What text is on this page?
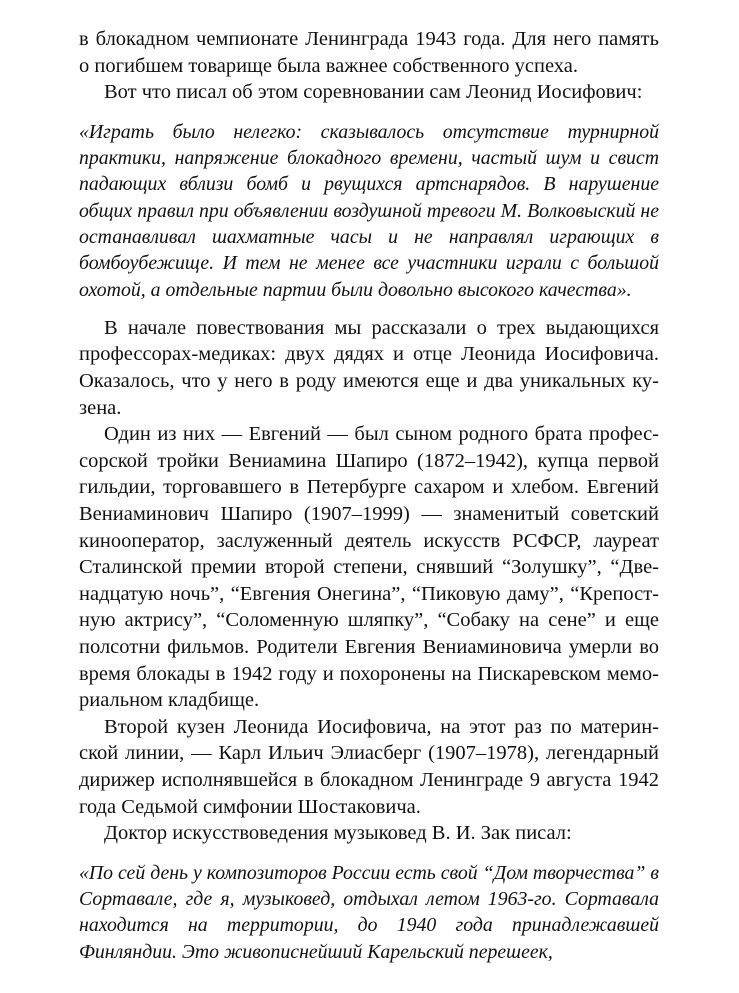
в блокадном чемпионате Ленинграда 1943 года. Для него память о погибшем товарище была важнее собственного успеха.

Вот что писал об этом соревновании сам Леонид Иосифович:

«Играть было нелегко: сказывалось отсутствие турнирной практики, напряжение блокадного времени, частый шум и свист падающих вблизи бомб и рвущихся артснарядов. В нарушение общих правил при объявлении воздушной тревоги М. Волковыский не останавливал шахматные часы и не направлял играющих в бомбоубежище. И тем не менее все участники играли с большой охотой, а отдельные партии были довольно высокого качества».

В начале повествования мы рассказали о трех выдающихся профессорах-медиках: двух дядях и отце Леонида Иосифовича. Оказалось, что у него в роду имеются еще и два уникальных кузена.

Один из них — Евгений — был сыном родного брата профессорской тройки Вениамина Шапиро (1872–1942), купца первой гильдии, торговавшего в Петербурге сахаром и хлебом. Евгений Вениаминович Шапиро (1907–1999) — знаменитый советский кинооператор, заслуженный деятель искусств РСФСР, лауреат Сталинской премии второй степени, снявший “Золушку”, “Двенадцатую ночь”, “Евгения Онегина”, “Пиковую даму”, “Крепостную актрису”, “Соломенную шляпку”, “Собаку на сене” и еще полсотни фильмов. Родители Евгения Вениаминовича умерли во время блокады в 1942 году и похоронены на Пискаревском мемориальном кладбище.

Второй кузен Леонида Иосифовича, на этот раз по материнской линии, — Карл Ильич Элиасберг (1907–1978), легендарный дирижер исполнявшейся в блокадном Ленинграде 9 августа 1942 года Седьмой симфонии Шостаковича.

Доктор искусствоведения музыковед В. И. Зак писал:

«По сей день у композиторов России есть свой “Дом творчества” в Сортавале, где я, музыковед, отдыхал летом 1963-го. Сортавала находится на территории, до 1940 года принадлежавшей Финляндии. Это живописнейший Карельский перешеек,
